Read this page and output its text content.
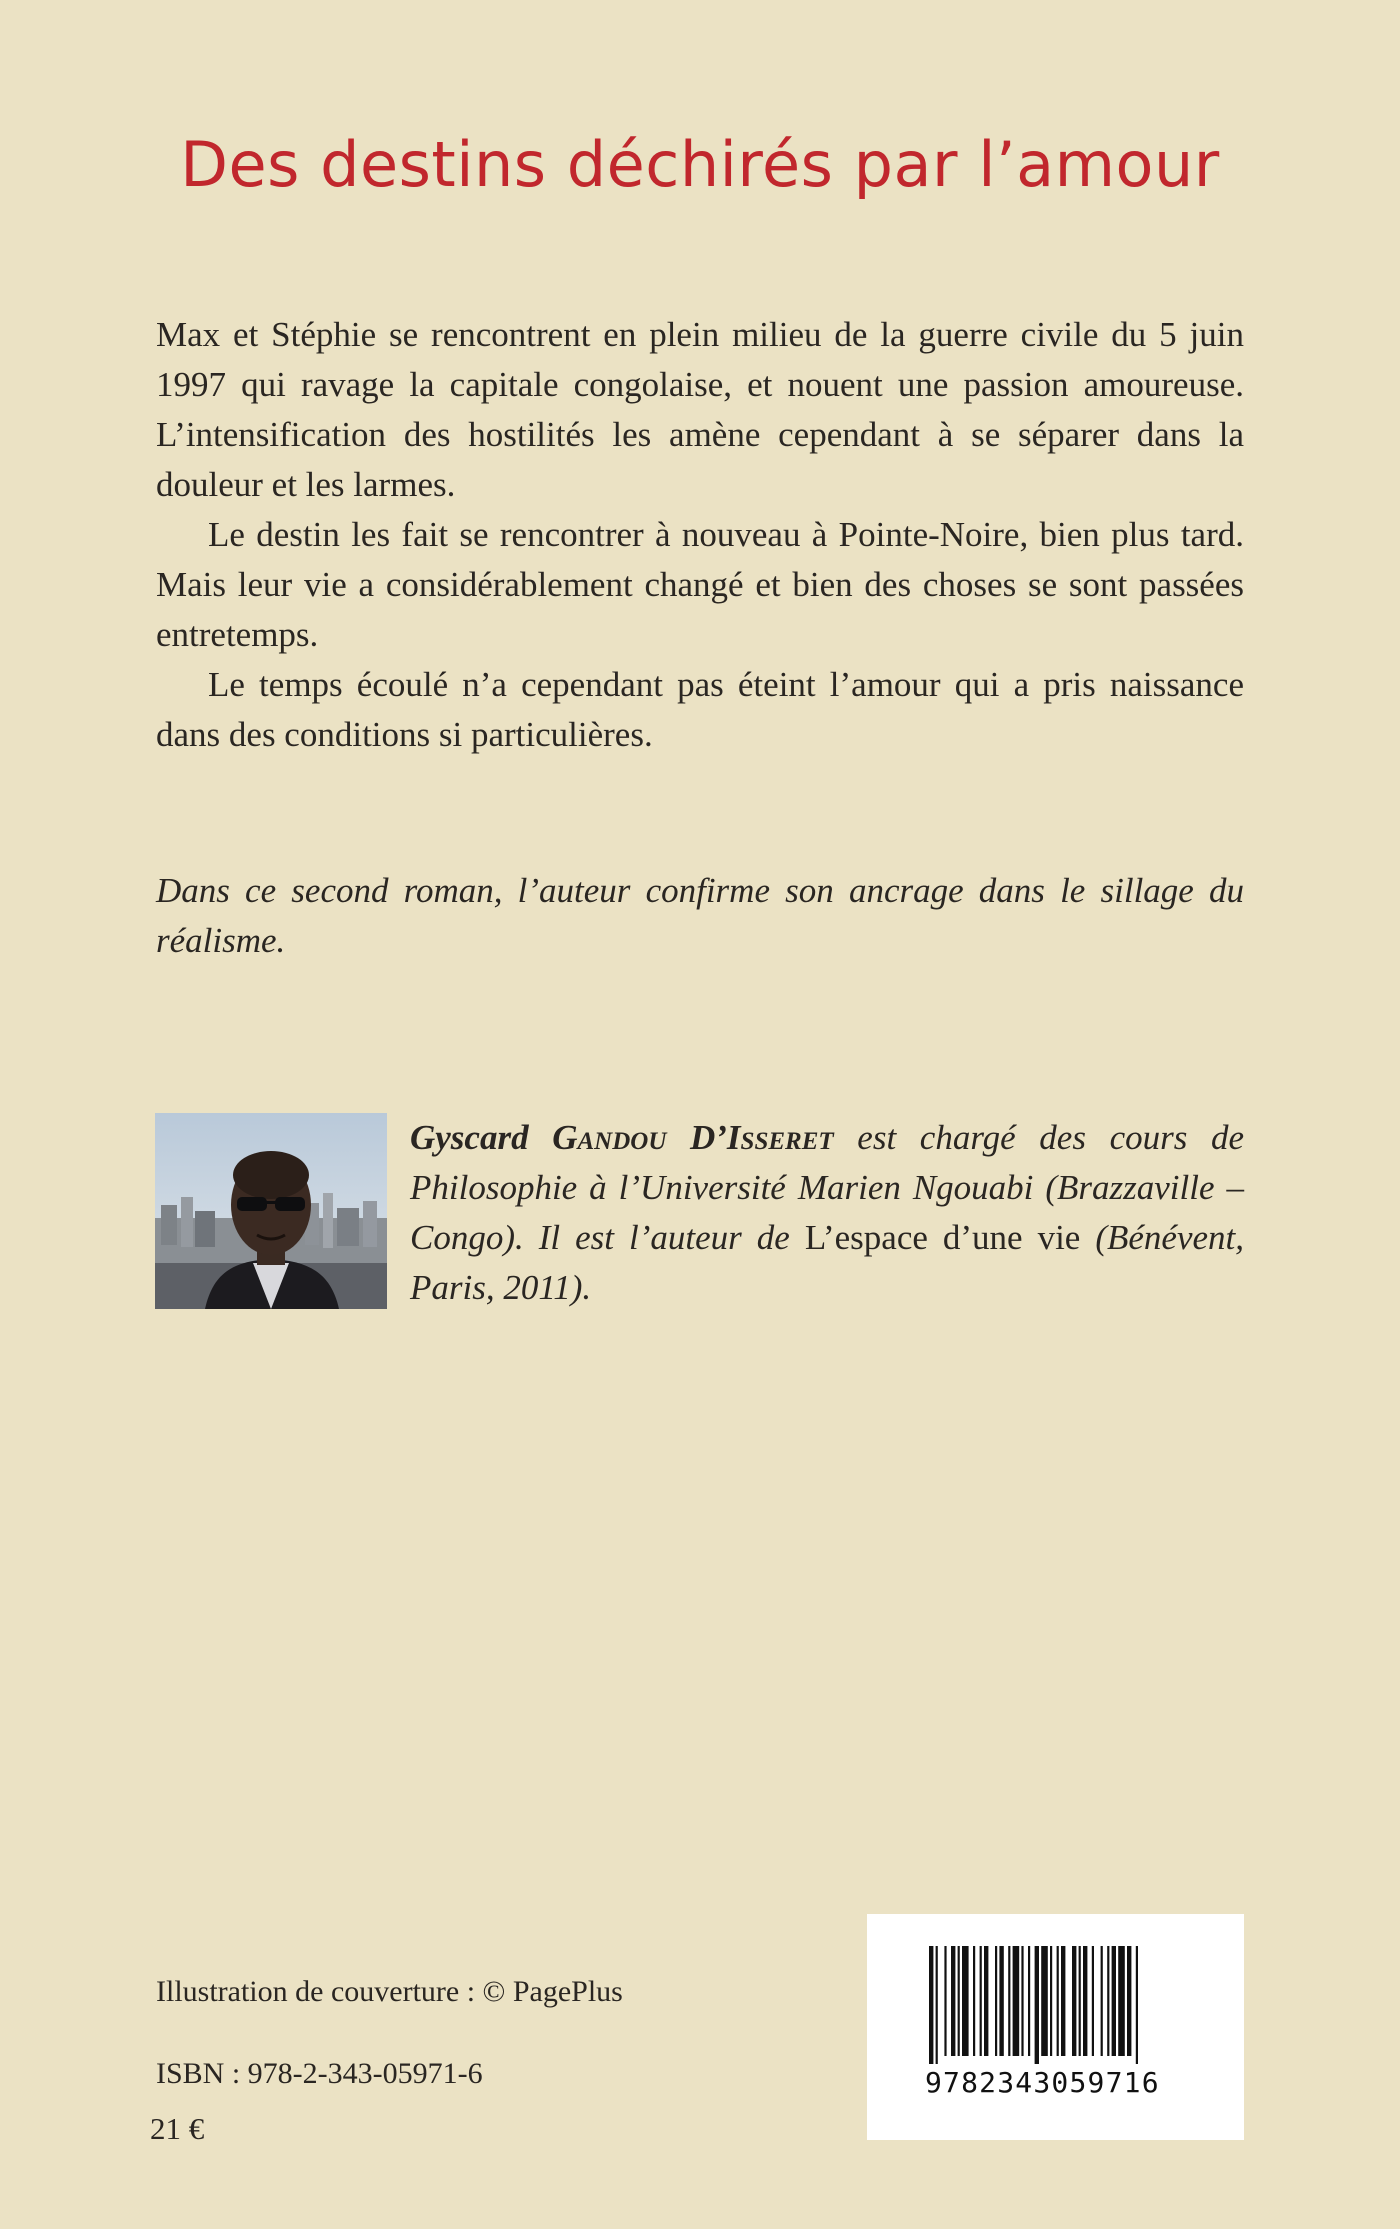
Des destins déchirés par l’amour

Max et Stéphie se rencontrent en plein milieu de la guerre civile du 5 juin 1997 qui ravage la capitale congolaise, et nouent une passion amoureuse. L’intensification des hostilités les amène cependant à se séparer dans la douleur et les larmes.

Le destin les fait se rencontrer à nouveau à Pointe-Noire, bien plus tard. Mais leur vie a considérablement changé et bien des choses se sont passées entretemps.

Le temps écoulé n’a cependant pas éteint l’amour qui a pris naissance dans des conditions si particulières.

Dans ce second roman, l’auteur confirme son ancrage dans le sillage du réalisme.

Gyscard Gandou D’Isseret est chargé des cours de Philosophie à l’Université Marien Ngouabi (Brazzaville – Congo). Il est l’auteur de L’espace d’une vie (Bénévent, Paris, 2011).

Illustration de couverture : © PagePlus

ISBN : 978-2-343-05971-6

21 €

9782343059716
